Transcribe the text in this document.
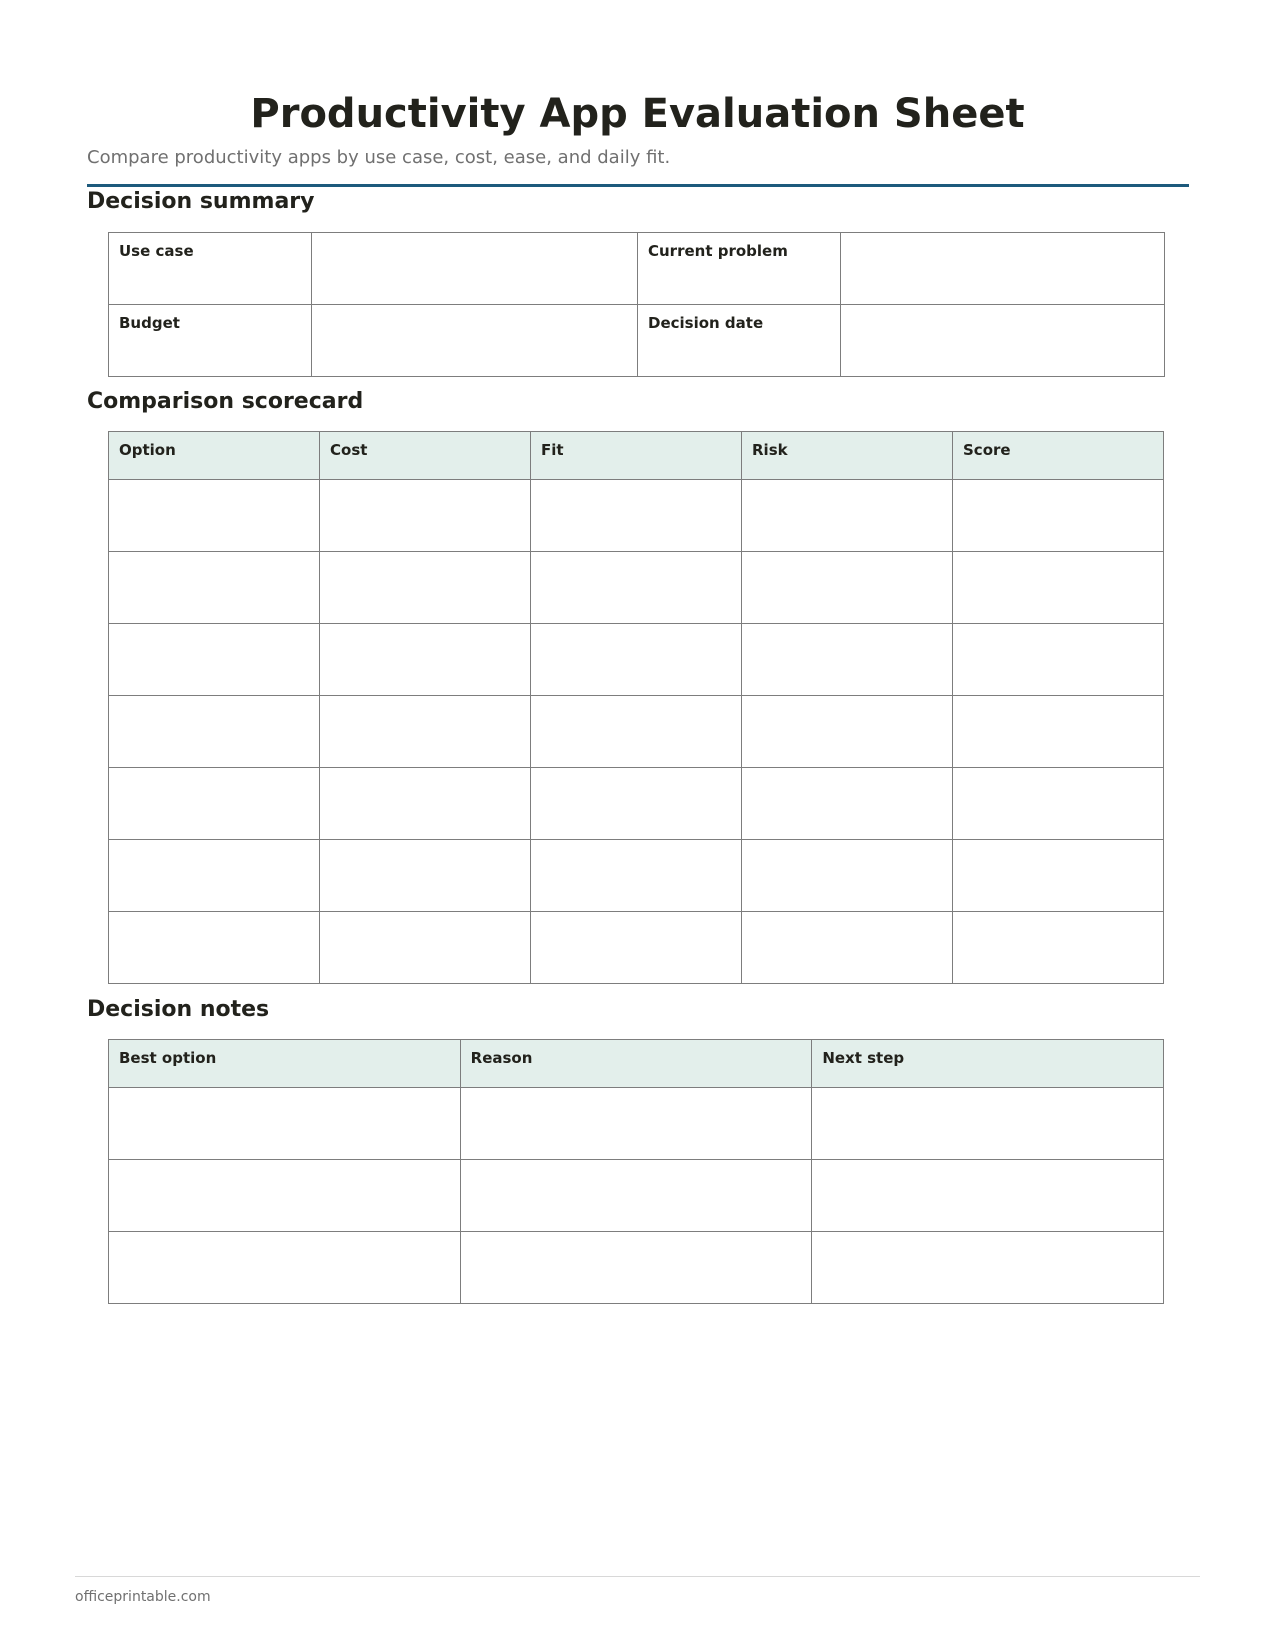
Productivity App Evaluation Sheet

Compare productivity apps by use case, cost, ease, and daily fit.

Decision summary
Use case		Current problem	
Budget		Decision date	
Comparison scorecard
Option	Cost	Fit	Risk	Score

Decision notes
Best option	Reason	Next step

officeprintable.com
